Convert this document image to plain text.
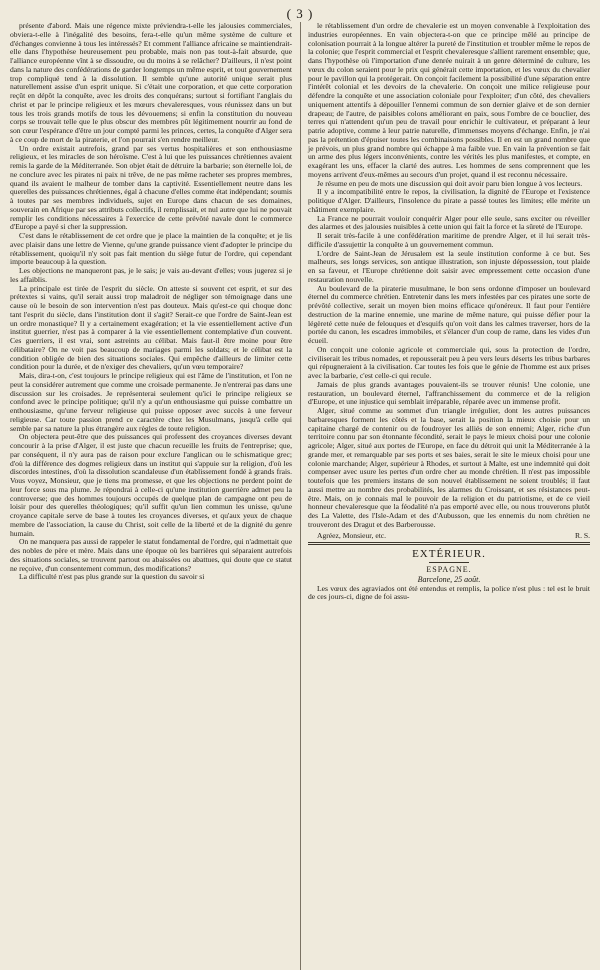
( 3 )

présente d'abord. Mais une régence mixte préviendra-t-elle les jalousies commerciales, obviera-t-elle à l'inégalité des besoins, fera-t-elle qu'un même système de culture et d'échanges convienne à tous les intéressés? Et comment l'alliance africaine se maintiendrait-elle dans l'hypothèse heureusement peu probable, mais non pas tout-à-fait absurde, que l'alliance européenne vînt à se dissoudre, ou du moins à se relâcher? D'ailleurs, il n'est point dans la nature des confédérations de garder longtemps un même esprit, et tout gouvernement trop compliqué tend à la dissolution. Il semble qu'une autorité unique serait plus naturellement assise d'un esprit unique. Si c'était une corporation, et que cette corporation reçût en dépôt la conquête, avec les droits des conquérans; surtout si fortifiant l'anglais du christ et par le principe religieux et les mœurs chevaleresques, vous réunissez dans un but tous les trois grands motifs de tous les dévouemens; si enfin la constitution du nouveau corps se trouvait telle que le plus obscur des membres pût légitimement nourrir au fond de son cœur l'espérance d'être un jour compté parmi les princes, certes, la conquête d'Alger sera à ce coup de mort de la piraterie, et l'on pourrait s'en rendre meilleur.

Un ordre existait autrefois, grand par ses vertus hospitalières et son enthousiasme religieux, et les miracles de son héroïsme. C'est à lui que les puissances chrétiennes avaient remis la garde de la Méditerranée. Son objet était de détruire la barbarie; son éternelle loi, de ne conclure avec les pirates ni paix ni trêve, de ne pas même racheter ses propres membres, quand ils avaient le malheur de tomber dans la captivité. Essentiellement neutre dans les querelles des puissances chrétiennes, égal à chacune d'elles comme état indépendant; soumis à toutes par ses membres individuels, sujet en Europe dans chacun de ses domaines, souverain en Afrique par ses attributs collectifs, il remplissait, et nul autre que lui ne pouvait remplir les conditions nécessaires à l'exercice de cette prévôté navale dont le commerce d'Europe a payé si cher la suppression.

C'est dans le rétablissement de cet ordre que je place la maintien de la conquête; et je lis avec plaisir dans une lettre de Vienne, qu'une grande puissance vient d'adopter le principe du rétablissement, quoiqu'il n'y soit pas fait mention du siège futur de l'ordre, qui cependant importe beaucoup à la question.

Les objections ne manqueront pas, je le sais; je vais au-devant d'elles; vous jugerez si je les affaiblis.

La principale est tirée de l'esprit du siècle. On atteste si souvent cet esprit, et sur des prétextes si vains, qu'il serait aussi trop maladroit de négliger son témoignage dans une cause où le besoin de son intervention n'est pas douteux. Mais qu'est-ce qui choque donc tant l'esprit du siècle, dans l'institution dont il s'agit? Serait-ce que l'ordre de Saint-Jean est un ordre monastique? Il y a certainement exagération; et la vie essentiellement active d'un institut guerrier, n'est pas à comparer à la vie essentiellement contemplative d'un couvent. Ces guerriers, il est vrai, sont astreints au célibat. Mais faut-il être moine pour être célibataire? On ne voit pas beaucoup de mariages parmi les soldats; et le célibat est la condition obligée de bien des situations sociales. Qui empêche d'ailleurs de limiter cette condition pour la durée, et de n'exiger des chevaliers, qu'un vœu temporaire?

Mais, dira-t-on, c'est toujours le principe religieux qui est l'âme de l'institution, et l'on ne peut la considérer autrement que comme une croisade permanente. Je n'entrerai pas dans une discussion sur les croisades. Je représenterai seulement qu'ici le principe religieux se confond avec le principe politique; qu'il n'y a qu'un enthousiasme qui puisse combattre un enthousiasme, qu'une ferveur religieuse qui puisse opposer avec succès à une ferveur religieuse. Car toute passion prend ce caractère chez les Musulmans, jusqu'à celle qui semble par sa nature la plus étrangère aux règles de toute religion.

On objectera peut-être que des puissances qui professent des croyances diverses devant concourir à la prise d'Alger, il est juste que chacun recueille les fruits de l'entreprise; que, par conséquent, il n'y aura pas de raison pour exclure l'anglican ou le schismatique grec; d'où la différence des dogmes religieux dans un institut qui s'appuie sur la religion, d'où les discordes intestines, d'où la dissolution scandaleuse d'un établissement fondé à grands frais. Vous voyez, Monsieur, que je tiens ma promesse, et que les objections ne perdent point de leur force sous ma plume. Je répondrai à celle-ci qu'une institution guerrière admet peu la controverse; que des hommes toujours occupés de quelque plan de campagne ont peu de loisir pour des querelles théologiques; qu'il suffit qu'un lien commun les unisse, qu'une croyance capitale serve de base à toutes les croyances diverses, et qu'aux yeux de chaque membre de l'association, la cause du Christ, soit celle de la liberté et de la dignité du genre humain.

On ne manquera pas aussi de rappeler le statut fondamental de l'ordre, qui n'admettait que des nobles de père et mère. Mais dans une époque où les barrières qui séparaient autrefois des situations sociales, se trouvent partout ou abaissées ou abattues, qui doute que ce statut ne reçoive, d'un consentement commun, des modifications?

La difficulté n'est pas plus grande sur la question du savoir si

le rétablissement d'un ordre de chevalerie est un moyen convenable à l'exploitation des industries européennes. En vain objectera-t-on que ce principe mêlé au principe de colonisation pourrait à la longue altérer la pureté de l'institution et troubler même le repos de la colonie; que l'esprit commercial et l'esprit chevaleresque s'allient rarement ensemble; que, dans l'hypothèse où l'importation d'une denrée nuirait à un genre déterminé de culture, les vœux du colon seraient pour le prix qui générait cette importation, et les vœux du chevalier pour le pavillon qui la protégerait. On conçoit facilement la possibilité d'une séparation entre l'intérêt colonial et les devoirs de la chevalerie. On conçoit une milice religieuse pour défendre la conquête et une association coloniale pour l'exploiter; d'un côté, des chevaliers uniquement attentifs à dépouiller l'ennemi commun de son dernier glaive et de son dernier drapeau; de l'autre, de paisibles colons améliorant en paix, sous l'ombre de ce bouclier, des terres qui n'attendent qu'un peu de travail pour enrichir le cultivateur, et préparant à leur patrie adoptive, comme à leur patrie naturelle, d'immenses moyens d'échange. Enfin, je n'ai pas la prétention d'épuiser toutes les combinaisons possibles. Il en est un grand nombre que je prévois, un plus grand nombre qui échappe à ma faible vue. En vain la prévention se fait un arme des plus légers inconvénients, contre les vérités les plus manifestes, et compte, en exagérant les uns, effacer la clarté des autres. Les hommes de sens comprennent que les moyens arrivent d'eux-mêmes au secours d'un projet, quand il est reconnu nécessaire.

Je résume en peu de mots une discussion qui doit avoir paru bien longue à vos lecteurs.

Il y a incompatibilité entre le repos, la civilisation, la dignité de l'Europe et l'existence politique d'Alger. D'ailleurs, l'insolence du pirate a passé toutes les limites; elle mérite un châtiment exemplaire.

La France ne pourrait vouloir conquérir Alger pour elle seule, sans exciter ou réveiller des alarmes et des jalousies nuisibles à cette union qui fait la force et la sûreté de l'Europe.

Il serait très-facile à une confédération maritime de prendre Alger, et il lui serait très-difficile d'assujettir la conquête à un gouvernement commun.

L'ordre de Saint-Jean de Jérusalem est la seule institution conforme à ce but. Ses malheurs, ses longs services, son antique illustration, son injuste dépossession, tout plaide en sa faveur, et l'Europe chrétienne doit saisir avec empressement cette occasion d'une restauration nouvelle.

Au boulevard de la piraterie musulmane, le bon sens ordonne d'imposer un boulevard éternel du commerce chrétien. Entretenir dans les mers infestées par ces pirates une sorte de prévôté collective, serait un moyen bien moins efficace qu'onéreux. Il faut pour l'entière destruction de la marine ennemie, une marine de même nature, qui puisse défier pour la légèreté cette nuée de felouques et d'esquifs qu'on voit dans les calmes traverser, hors de la portée du canon, les escadres immobiles, et s'élancer d'un coup de rame, dans les vides d'un écueil.

On conçoit une colonie agricole et commerciale qui, sous la protection de l'ordre, civiliserait les tribus nomades, et repousserait peu à peu vers leurs déserts les tribus barbares qui répugneraient à la civilisation. Car toutes les fois que le génie de l'homme est aux prises avec la barbarie, c'est celle-ci qui recule.

Jamais de plus grands avantages pouvaient-ils se trouver réunis! Une colonie, une restauration, un boulevard éternel, l'affranchissement du commerce et de la religion d'Europe, et une injustice qui semblait irréparable, réparée avec un immense profit.

Alger, situé comme au sommet d'un triangle irrégulier, dont les autres puissances barbaresques forment les côtés et la base, serait la position la mieux choisie pour un capitaine chargé de contenir ou de foudroyer les alliés de son ennemi; Alger, riche d'un territoire connu par son étonnante fécondité, serait le pays le mieux choisi pour une colonie agricole; Alger, situé aux portes de l'Europe, en face du détroit qui unit la Méditerranée à la grande mer, et remarquable par ses ports et ses baies, serait le site le mieux choisi pour une colonie marchande; Alger, supérieur à Rhodes, et surtout à Malte, est une indemnité qui doit compenser avec usure les pertes d'un ordre cher au monde chrétien. Il n'est pas impossible toutefois que les premiers instans de son nouvel établissement ne soient troublés; il faut aussi mettre au nombre des probabilités, les alarmes du Croissant, et ses résistances peut-être. Mais, on je connais mal le pouvoir de la religion et du patriotisme, et de ce vieil honneur chevaleresque que la féodalité n'a pas emporté avec elle, ou nous trouverons plutôt des La Valette, des l'Isle-Adam et des d'Aubusson, que les ennemis du nom chrétien ne trouveront des Dragut et des Barberousse.

Agréez, Monsieur, etc.	R. S.
EXTÉRIEUR.
ESPAGNE.
Barcelone, 25 août.

Les vœux des agraviados ont été entendus et remplis, la police n'est plus : tel est le bruit de ces jours-ci, digne de foi assu-
